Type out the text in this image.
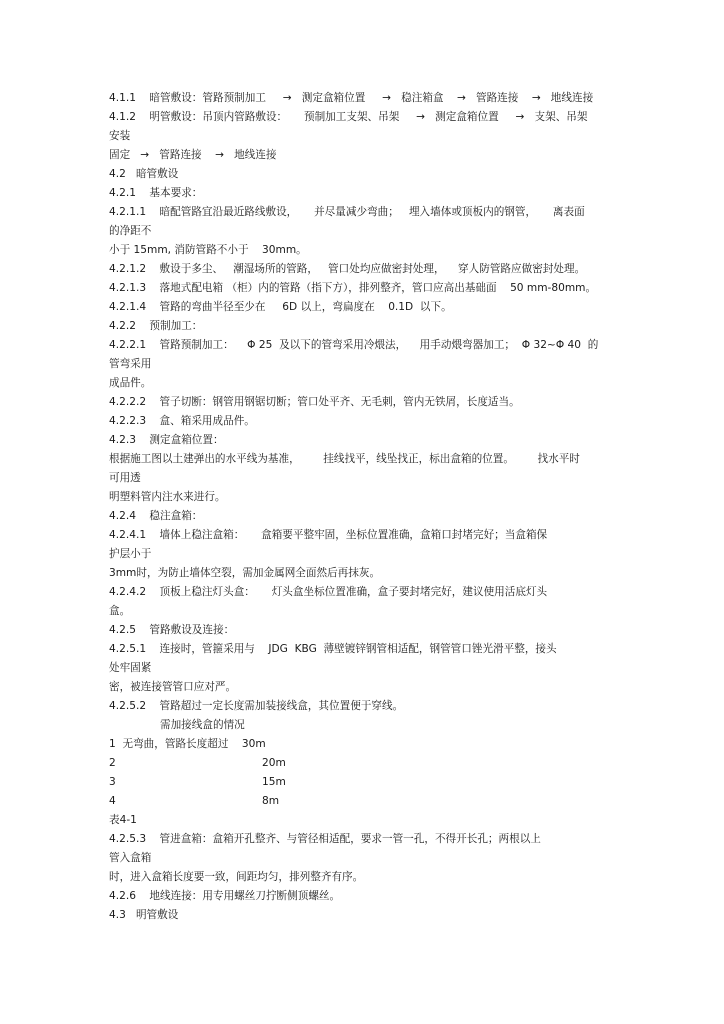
4.1.1    暗管敷设：管路预制加工     →   测定盒箱位置     →   稳注箱盒    →   管路连接    →   地线连接
4.1.2    明管敷设：吊顶内管路敷设：     预制加工支架、吊架     →   测定盒箱位置     →   支架、吊架
安装
固定   →   管路连接    →   地线连接
4.2   暗管敷设
4.2.1    基本要求：
4.2.1.1    暗配管路宜沿最近路线敷设，     并尽量减少弯曲；   埋入墙体或顶板内的钢管，     离表面
的净距不
小于 15mm, 消防管路不小于    30mm。
4.2.1.2    敷设于多尘、   潮湿场所的管路，   管口处均应做密封处理，    穿人防管路应做密封处理。
4.2.1.3    落地式配电箱 （柜）内的管路（指下方），排列整齐，管口应高出基础面    50 mm-80mm。
4.2.1.4    管路的弯曲半径至少在     6D 以上，弯扁度在    0.1D  以下。
4.2.2    预制加工：
4.2.2.1    管路预制加工：    Φ 25  及以下的管弯采用冷煨法，    用手动煨弯器加工；  Φ 32~Φ 40  的
管弯采用
成品件。
4.2.2.2    管子切断：钢管用钢锯切断；管口处平齐、无毛刺，管内无铁屑，长度适当。
4.2.2.3    盒、箱采用成品件。
4.2.3    测定盒箱位置：
根据施工图以土建弹出的水平线为基准，       挂线找平，线坠找正，标出盒箱的位置。       找水平时
可用透
明塑料管内注水来进行。
4.2.4    稳注盒箱：
4.2.4.1    墙体上稳注盒箱：     盒箱要平整牢固，坐标位置准确，盒箱口封堵完好；当盒箱保
护层小于
3mm时，为防止墙体空裂，需加金属网全面然后再抹灰。
4.2.4.2    顶板上稳注灯头盒：     灯头盒坐标位置准确，盒子要封堵完好，建议使用活底灯头
盒。
4.2.5    管路敷设及连接：
4.2.5.1    连接时，管箍采用与    JDG  KBG  薄壁镀锌钢管相适配，钢管管口锉光滑平整，接头
处牢固紧
密，被连接管管口应对严。
4.2.5.2    管路超过一定长度需加装接线盒，其位置便于穿线。
需加接线盒的情况
1  无弯曲，管路长度超过    30m
2	20m
3	15m
4	8m
表4-1
4.2.5.3    管进盒箱：盒箱开孔整齐、与管径相适配，要求一管一孔，不得开长孔；两根以上
管入盒箱
时，进入盒箱长度要一致，间距均匀，排列整齐有序。
4.2.6    地线连接：用专用螺丝刀拧断侧顶螺丝。
4.3   明管敷设
